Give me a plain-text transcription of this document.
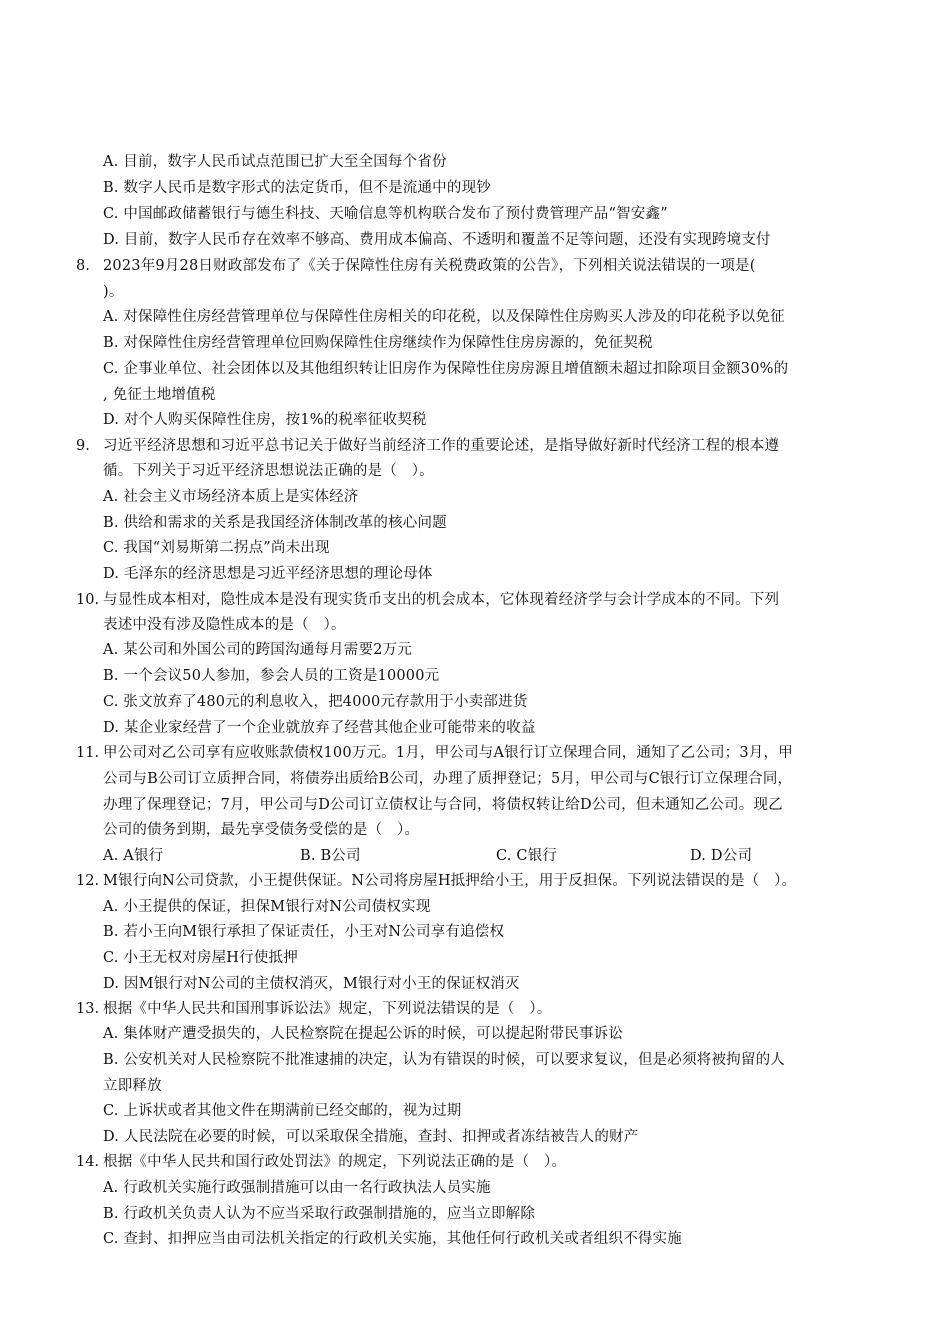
A. 目前，数字人民币试点范围已扩大至全国每个省份
B. 数字人民币是数字形式的法定货币，但不是流通中的现钞
C. 中国邮政储蓄银行与德生科技、天喻信息等机构联合发布了预付费管理产品“智安鑫”
D. 目前，数字人民币存在效率不够高、费用成本偏高、不透明和覆盖不足等问题，还没有实现跨境支付
8. 2023年9月28日财政部发布了《关于保障性住房有关税费政策的公告》，下列相关说法错误的一项是(
)。
A. 对保障性住房经营管理单位与保障性住房相关的印花税，以及保障性住房购买人涉及的印花税予以免征
B. 对保障性住房经营管理单位回购保障性住房继续作为保障性住房房源的，免征契税
C. 企事业单位、社会团体以及其他组织转让旧房作为保障性住房房源且增值额未超过扣除项目金额30%的
, 免征土地增值税
D. 对个人购买保障性住房，按1%的税率征收契税
9. 习近平经济思想和习近平总书记关于做好当前经济工作的重要论述，是指导做好新时代经济工程的根本遵
循。下列关于习近平经济思想说法正确的是（　）。
A. 社会主义市场经济本质上是实体经济
B. 供给和需求的关系是我国经济体制改革的核心问题
C. 我国“刘易斯第二拐点”尚未出现
D. 毛泽东的经济思想是习近平经济思想的理论母体
10. 与显性成本相对，隐性成本是没有现实货币支出的机会成本，它体现着经济学与会计学成本的不同。下列
表述中没有涉及隐性成本的是（　）。
A. 某公司和外国公司的跨国沟通每月需要2万元
B. 一个会议50人参加，参会人员的工资是10000元
C. 张文放弃了480元的利息收入，把4000元存款用于小卖部进货
D. 某企业家经营了一个企业就放弃了经营其他企业可能带来的收益
11. 甲公司对乙公司享有应收账款债权100万元。1月，甲公司与A银行订立保理合同，通知了乙公司；3月，甲
公司与B公司订立质押合同，将债券出质给B公司，办理了质押登记；5月，甲公司与C银行订立保理合同，
办理了保理登记；7月，甲公司与D公司订立债权让与合同，将债权转让给D公司，但未通知乙公司。现乙
公司的债务到期，最先享受债务受偿的是（　）。
A. A银行	B. B公司	C. C银行	D. D公司
12. M银行向N公司贷款，小王提供保证。N公司将房屋H抵押给小王，用于反担保。下列说法错误的是（　）。
A. 小王提供的保证，担保M银行对N公司债权实现
B. 若小王向M银行承担了保证责任，小王对N公司享有追偿权
C. 小王无权对房屋H行使抵押
D. 因M银行对N公司的主债权消灭，M银行对小王的保证权消灭
13. 根据《中华人民共和国刑事诉讼法》规定，下列说法错误的是（　）。
A. 集体财产遭受损失的，人民检察院在提起公诉的时候，可以提起附带民事诉讼
B. 公安机关对人民检察院不批准逮捕的决定，认为有错误的时候，可以要求复议，但是必须将被拘留的人
立即释放
C. 上诉状或者其他文件在期满前已经交邮的，视为过期
D. 人民法院在必要的时候，可以采取保全措施，查封、扣押或者冻结被告人的财产
14. 根据《中华人民共和国行政处罚法》的规定，下列说法正确的是（　）。
A. 行政机关实施行政强制措施可以由一名行政执法人员实施
B. 行政机关负责人认为不应当采取行政强制措施的，应当立即解除
C. 查封、扣押应当由司法机关指定的行政机关实施，其他任何行政机关或者组织不得实施
